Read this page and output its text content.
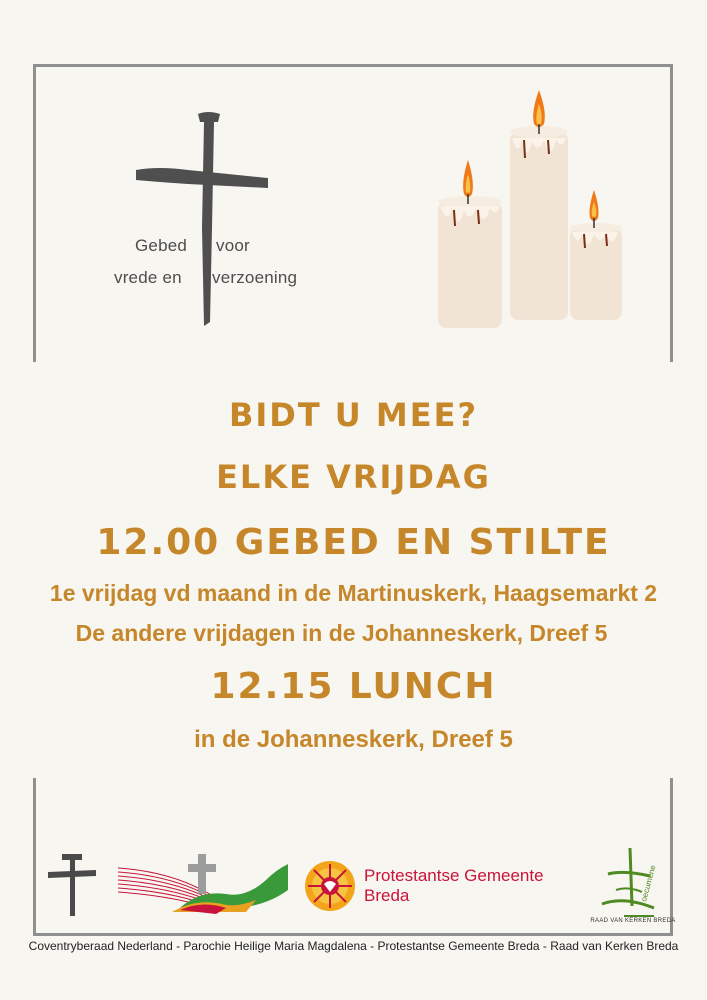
Gebed voor
vrede en verzoening
BIDT U MEE?
ELKE VRIJDAG
12.00 GEBED EN STILTE
1e vrijdag vd maand in de Martinuskerk, Haagsemarkt 2
De andere vrijdagen in de Johanneskerk, Dreef 5
12.15 LUNCH
in de Johanneskerk, Dreef 5
Protestantse Gemeente
Breda	oecumene
RAAD VAN KERKEN BREDA
Coventryberaad Nederland - Parochie Heilige Maria Magdalena - Protestantse Gemeente Breda - Raad van Kerken Breda
